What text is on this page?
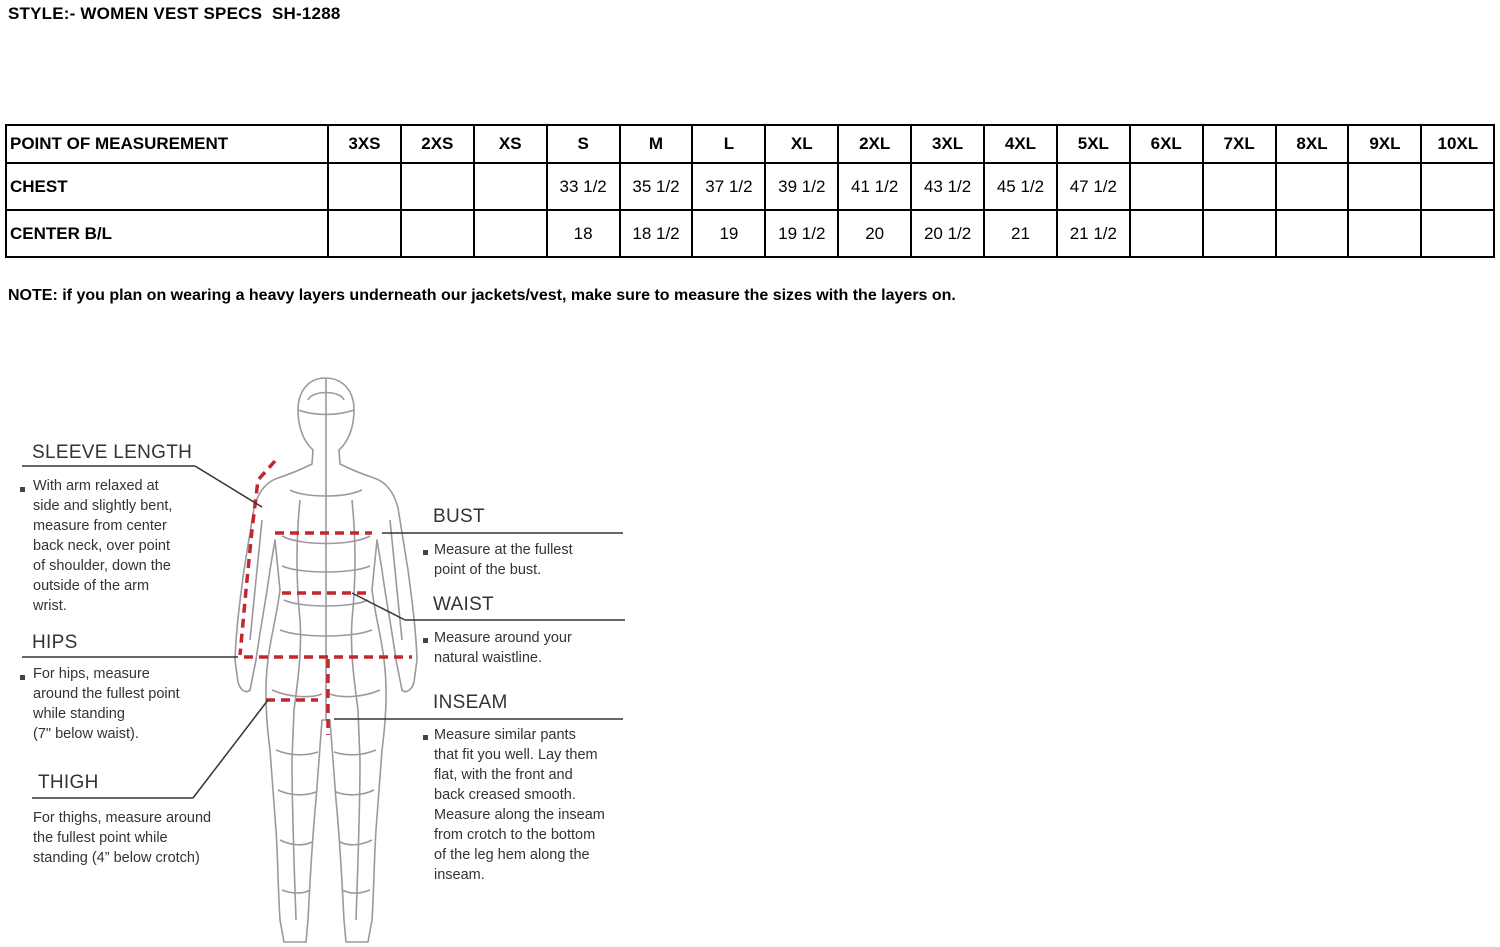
STYLE:- WOMEN VEST SPECS  SH-1288
POINT OF MEASUREMENT	3XS	2XS	XS	S	M	L	XL	2XL	3XL	4XL	5XL	6XL	7XL	8XL	9XL	10XL
CHEST				33 1/2	35 1/2	37 1/2	39 1/2	41 1/2	43 1/2	45 1/2	47 1/2					
CENTER B/L				18	18 1/2	19	19 1/2	20	20 1/2	21	21 1/2					
NOTE: if you plan on wearing a heavy layers underneath our jackets/vest, make sure to measure the sizes with the layers on.
SLEEVE LENGTH
With arm relaxed at
side and slightly bent,
measure from center
back neck, over point
of shoulder, down the
outside of the arm
wrist.
HIPS
For hips, measure
around the fullest point
while standing
(7" below waist).
THIGH
For thighs, measure around
the fullest point while
standing (4” below crotch)
BUST
Measure at the fullest
point of the bust.
WAIST
Measure around your
natural waistline.
INSEAM
Measure similar pants
that fit you well. Lay them
flat, with the front and
back creased smooth.
Measure along the inseam
from crotch to the bottom
of the leg hem along the
inseam.
